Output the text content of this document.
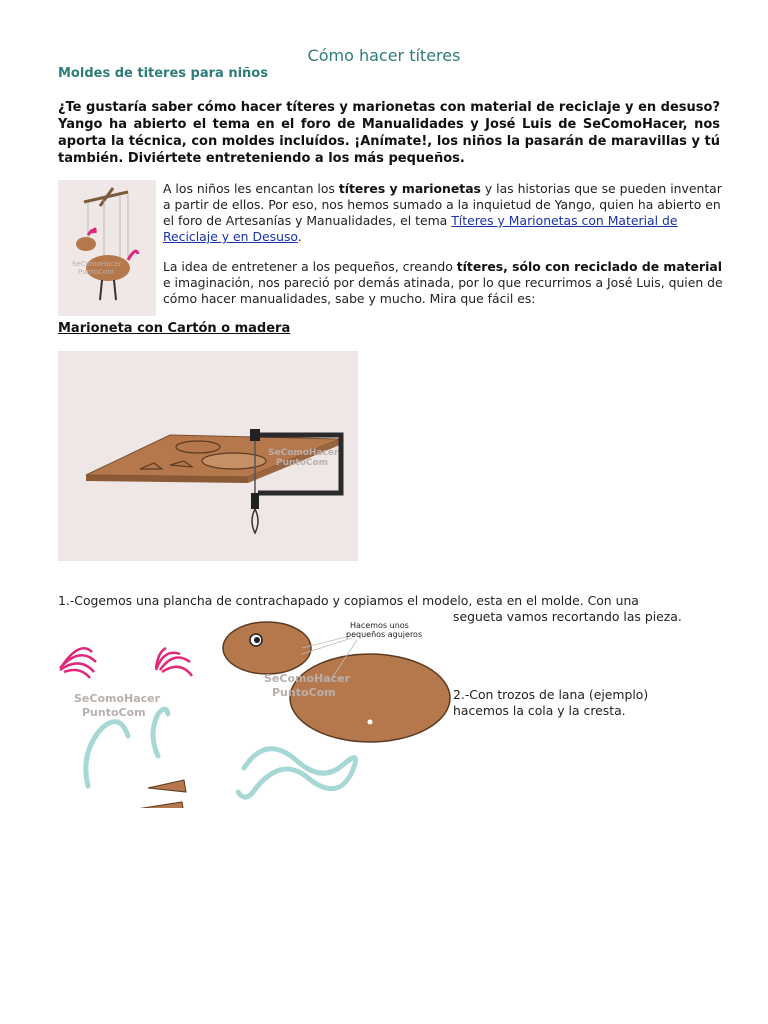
Cómo hacer títeres
Moldes de titeres para niños

¿Te gustaría saber cómo hacer títeres y marionetas con material de reciclaje y en desuso? Yango ha abierto el tema en el foro de Manualidades y José Luis de SeComoHacer, nos aporta la técnica, con moldes incluídos. ¡Anímate!, los niños la pasarán de maravillas y tú también. Diviértete entreteniendo a los más pequeños.

SeComoHacer
PuntoCom

A los niños les encantan los títeres y marionetas y las historias que se pueden inventar a partir de ellos. Por eso, nos hemos sumado a la inquietud de Yango, quien ha abierto en el foro de Artesanías y Manualidades, el tema Títeres y Marionetas con Material de Reciclaje y en Desuso.

La idea de entretener a los pequeños, creando títeres, sólo con reciclado de material e imaginación, nos pareció por demás atinada, por lo que recurrimos a José Luis, quien de cómo hacer manualidades, sabe y mucho. Mira que fácil es:

Marioneta con Cartón o madera
SeComoHacer
PuntoCom

1.-Cogemos una plancha de contrachapado y copiamos el modelo, esta en el molde. Con una

segueta vamos recortando las pieza.

Hacemos unos
pequeños agujeros
SeComoHacer
PuntoCom
SeComoHacer
PuntoCom	2.-Con trozos de lana (ejemplo)

hacemos la cola y la cresta.
